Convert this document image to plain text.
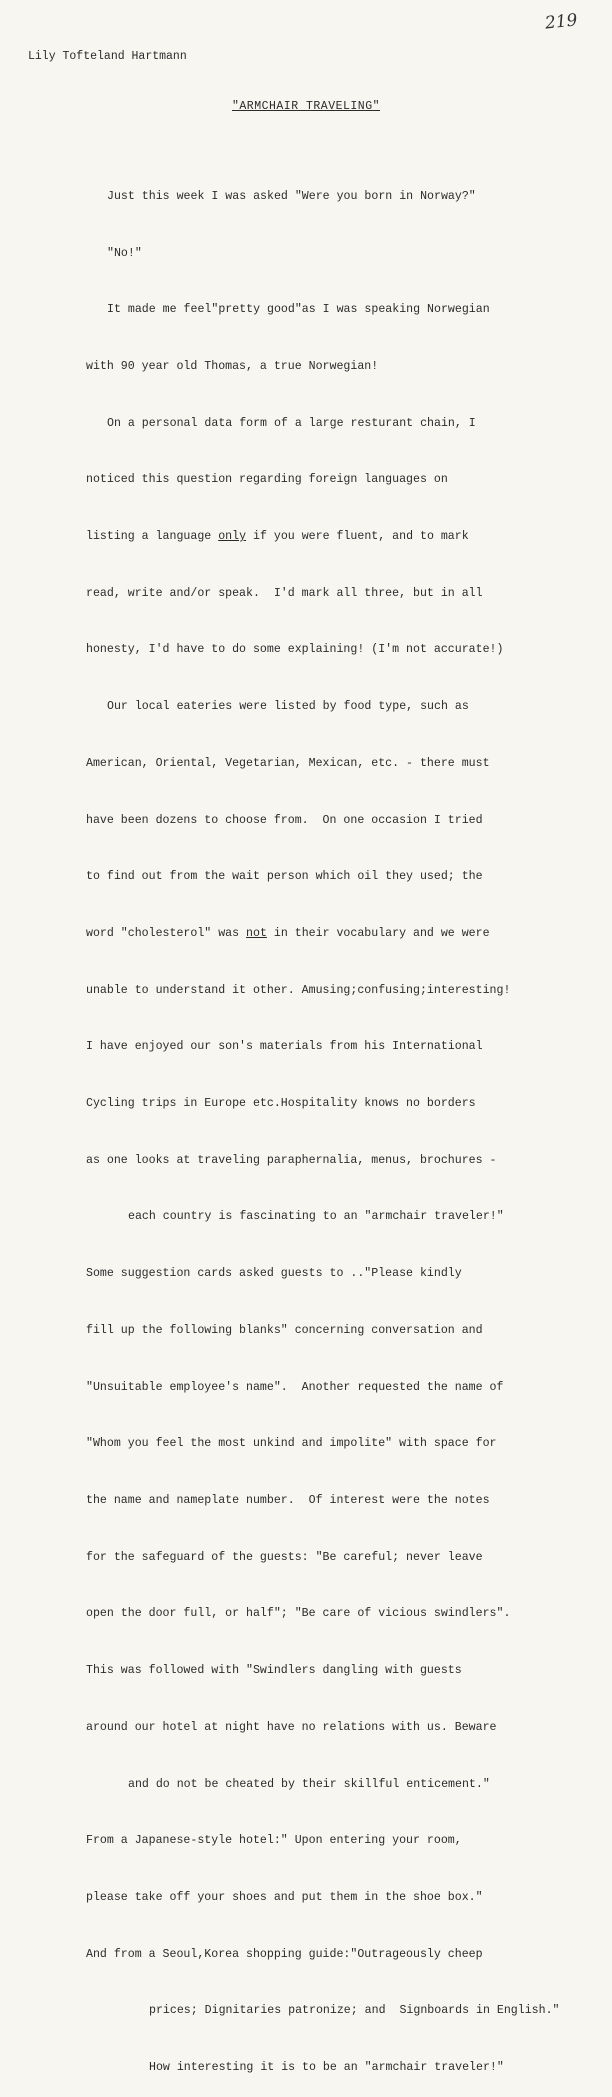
219
Lily Tofteland Hartmann
"ARMCHAIR TRAVELING"

Just this week I was asked "Were you born in Norway?"

"No!"

It made me feel"pretty good"as I was speaking Norwegian

with 90 year old Thomas, a true Norwegian!

On a personal data form of a large resturant chain, I

noticed this question regarding foreign languages on

listing a language only if you were fluent, and to mark

read, write and/or speak.  I'd mark all three, but in all

honesty, I'd have to do some explaining! (I'm not accurate!)

Our local eateries were listed by food type, such as

American, Oriental, Vegetarian, Mexican, etc. - there must

have been dozens to choose from.  On one occasion I tried

to find out from the wait person which oil they used; the

word "cholesterol" was not in their vocabulary and we were

unable to understand it other. Amusing;confusing;interesting!

I have enjoyed our son's materials from his International

Cycling trips in Europe etc.Hospitality knows no borders

as one looks at traveling paraphernalia, menus, brochures -

each country is fascinating to an "armchair traveler!"

Some suggestion cards asked guests to .."Please kindly

fill up the following blanks" concerning conversation and

"Unsuitable employee's name".  Another requested the name of

"Whom you feel the most unkind and impolite" with space for

the name and nameplate number.  Of interest were the notes

for the safeguard of the guests: "Be careful; never leave

open the door full, or half"; "Be care of vicious swindlers".

This was followed with "Swindlers dangling with guests

around our hotel at night have no relations with us. Beware

and do not be cheated by their skillful enticement."

From a Japanese-style hotel:" Upon entering your room,

please take off your shoes and put them in the shoe box."

And from a Seoul,Korea shopping guide:"Outrageously cheep

prices; Dignitaries patronize; and  Signboards in English."

How interesting it is to be an "armchair traveler!"
